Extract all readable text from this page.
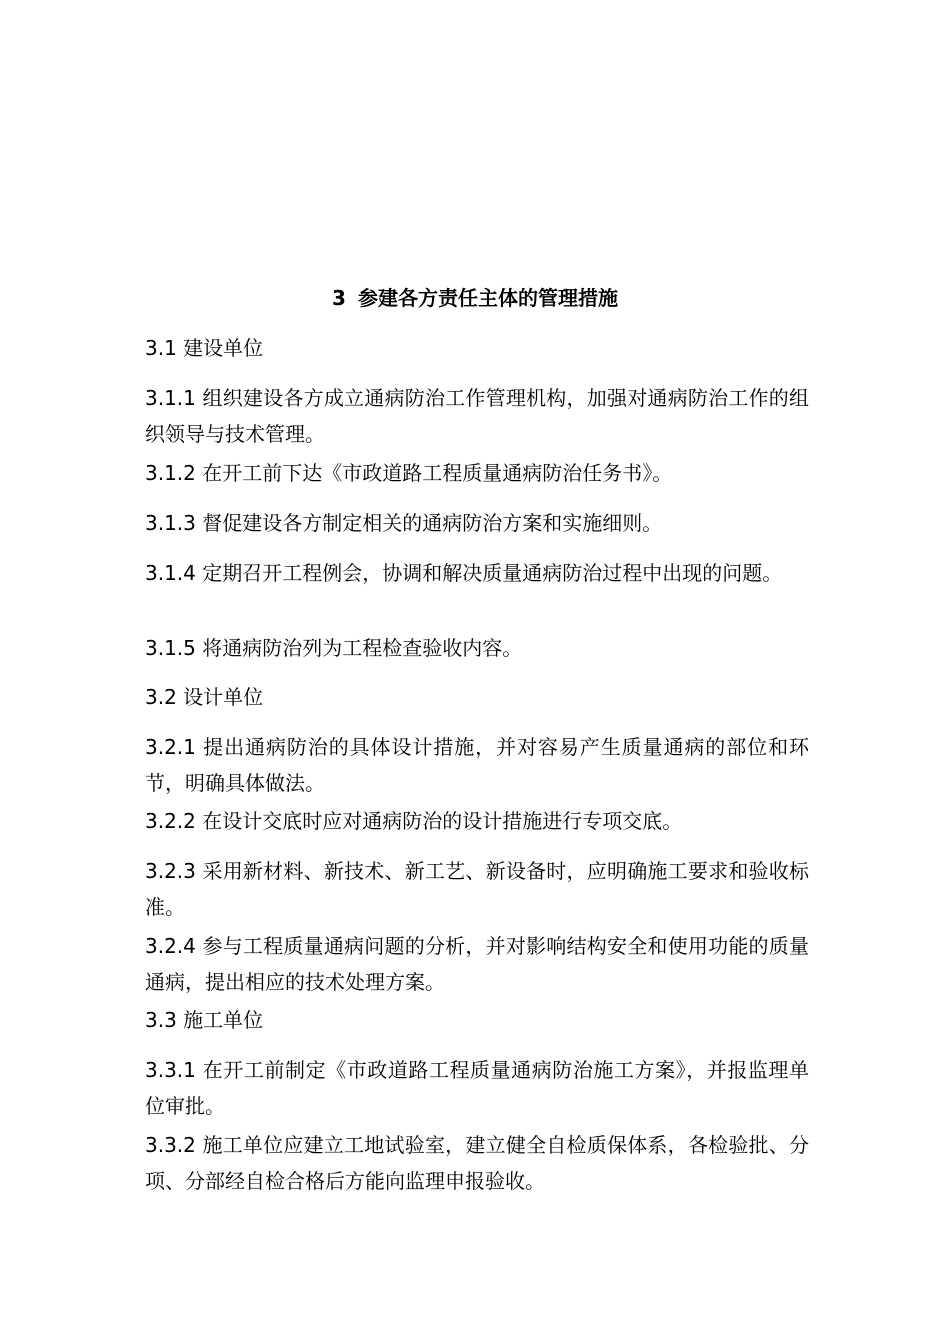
3 参建各方责任主体的管理措施

3.1 建设单位

3.1.1 组织建设各方成立通病防治工作管理机构，加强对通病防治工作的组织领导与技术管理。

3.1.2 在开工前下达《市政道路工程质量通病防治任务书》。

3.1.3 督促建设各方制定相关的通病防治方案和实施细则。

3.1.4 定期召开工程例会，协调和解决质量通病防治过程中出现的问题。

3.1.5 将通病防治列为工程检查验收内容。

3.2 设计单位

3.2.1 提出通病防治的具体设计措施，并对容易产生质量通病的部位和环节，明确具体做法。

3.2.2 在设计交底时应对通病防治的设计措施进行专项交底。

3.2.3 采用新材料、新技术、新工艺、新设备时，应明确施工要求和验收标准。

3.2.4 参与工程质量通病问题的分析，并对影响结构安全和使用功能的质量通病，提出相应的技术处理方案。

3.3 施工单位

3.3.1 在开工前制定《市政道路工程质量通病防治施工方案》，并报监理单位审批。

3.3.2 施工单位应建立工地试验室，建立健全自检质保体系，各检验批、分项、分部经自检合格后方能向监理申报验收。
